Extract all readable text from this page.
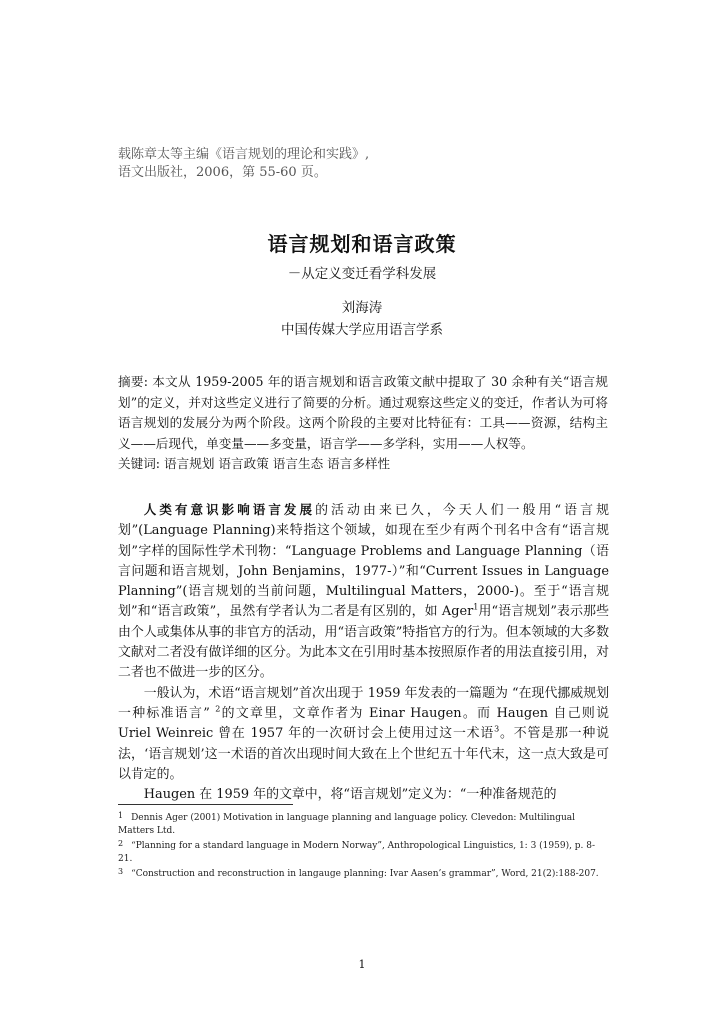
载陈章太等主编《语言规划的理论和实践》,
语文出版社，2006，第 55-60 页。
语言规划和语言政策
－从定义变迁看学科发展
刘海涛
中国传媒大学应用语言学系
摘要: 本文从 1959-2005 年的语言规划和语言政策文献中提取了 30 余种有关“语言规划”的定义，并对这些定义进行了简要的分析。通过观察这些定义的变迁，作者认为可将语言规划的发展分为两个阶段。这两个阶段的主要对比特征有：工具——资源，结构主义——后现代，单变量——多变量，语言学——多学科，实用——人权等。
关键词: 语言规划 语言政策 语言生态 语言多样性

人类有意识影响语言发展的活动由来已久，今天人们一般用“语言规划”(Language Planning)来特指这个领域，如现在至少有两个刊名中含有“语言规划”字样的国际性学术刊物：“Language Problems and Language Planning（语言问题和语言规划，John Benjamins，1977-）”和“Current Issues in Language Planning”(语言规划的当前问题，Multilingual Matters，2000-)。至于“语言规划”和“语言政策”，虽然有学者认为二者是有区别的，如 Ager$^1$用“语言规划”表示那些由个人或集体从事的非官方的活动，用“语言政策”特指官方的行为。但本领域的大多数文献对二者没有做详细的区分。为此本文在引用时基本按照原作者的用法直接引用，对二者也不做进一步的区分。

一般认为，术语“语言规划”首次出现于 1959 年发表的一篇题为 “在现代挪威规划一种标准语言” $^2$的文章里，文章作者为 Einar Haugen。而 Haugen 自己则说 Uriel Weinreic 曾在 1957 年的一次研讨会上使用过这一术语$^3$。不管是那一种说法，‘语言规划’这一术语的首次出现时间大致在上个世纪五十年代末，这一点大致是可以肯定的。

Haugen 在 1959 年的文章中，将“语言规划”定义为：“一种准备规范的

$^1$ Dennis Ager (2001) Motivation in language planning and language policy. Clevedon: Multilingual Matters Ltd.
$^2$ “Planning for a standard language in Modern Norway”, Anthropological Linguistics, 1: 3 (1959), p. 8-21.
$^3$ “Construction and reconstruction in langauge planning: Ivar Aasen’s grammar”, Word, 21(2):188-207.
1
